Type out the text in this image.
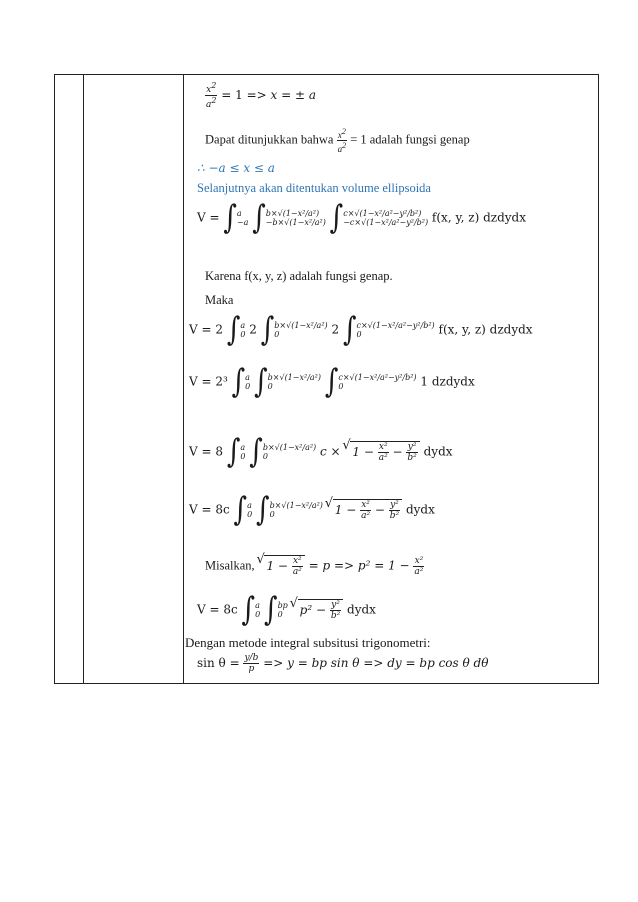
$\frac{x^2}{a^2} = 1 => x$ = ± a
Dapat ditunjukkan bahwa $\frac{x^2}{a^2} = 1$ adalah fungsi genap
∴ −a ≤ x ≤ a
Selanjutnya akan ditentukan volume ellipsoida
V = ∫ a
−a ∫ b×√(1−x²/a²)
−b×√(1−x²/a²) ∫ c×√(1−x²/a²−y²/b²)
−c×√(1−x²/a²−y²/b²) f(x, y, z) dzdydx
Karena f(x, y, z) adalah fungsi genap.
Maka
V = 2 ∫ a
0 2 ∫ b×√(1−x²/a²)
0	2 ∫ c×√(1−x²/a²−y²/b²)
0	f(x, y, z) dzdydx
V = 2³ ∫ a
0 ∫ b×√(1−x²/a²)
0	∫ c×√(1−x²/a²−y²/b²)
0	1 dzdydx
V = 8 ∫ a
0 ∫ b×√(1−x²/a²)
0	c × √ $1 - \frac{\text{x²}}{\text{a²}} - \frac{\text{y²}}{\text{b²}}$ dydx
V = 8c ∫ a
0 ∫ b×√(1−x²/a²)
0	√ $1 - \frac{\text{x²}}{\text{a²}} - \frac{\text{y²}}{\text{b²}}$ dydx
Misalkan, √ $1 - \frac{\text{x²}}{\text{a²}} = p => p^2 = 1 - \frac{\text{x²}}{\text{a²}}$
V = 8c ∫ a
0 ∫ bp
0	√ $p^2 - \frac{\text{y²}}{\text{b²}}$ dydx
Dengan metode integral subsitusi trigonometri:
$\sin \theta = \frac{y/b}{p} => y$ = bp sin θ => dy = bp cos θ dθ
